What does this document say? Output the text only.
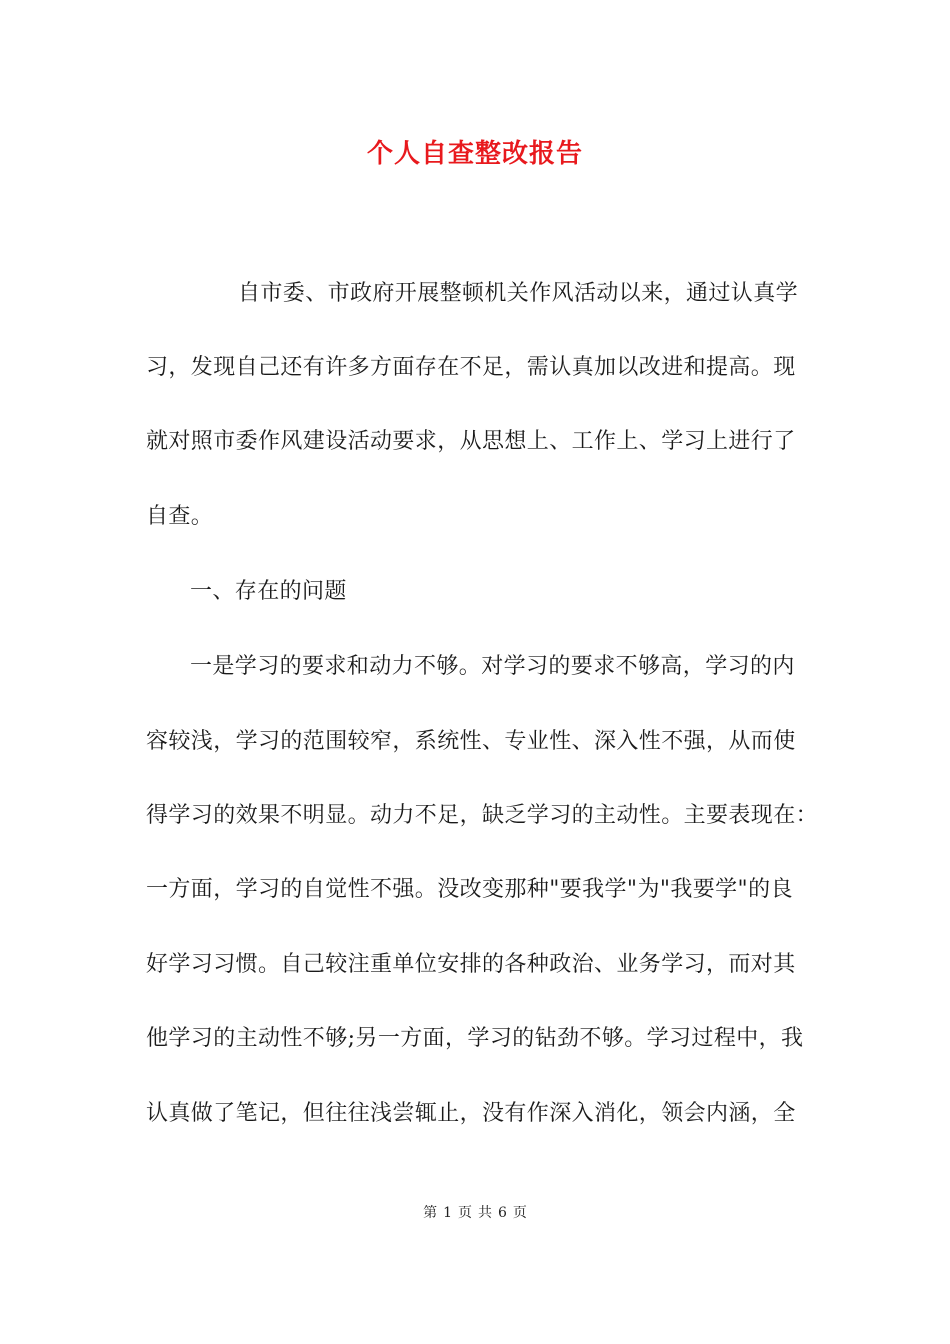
个人自查整改报告

自市委、市政府开展整顿机关作风活动以来，通过认真学

习，发现自己还有许多方面存在不足，需认真加以改进和提高。现

就对照市委作风建设活动要求，从思想上、工作上、学习上进行了

自查。

一、存在的问题

一是学习的要求和动力不够。对学习的要求不够高，学习的内

容较浅，学习的范围较窄，系统性、专业性、深入性不强，从而使

得学习的效果不明显。动力不足，缺乏学习的主动性。主要表现在：

一方面，学习的自觉性不强。没改变那种"要我学"为"我要学"的良

好学习习惯。自己较注重单位安排的各种政治、业务学习，而对其

他学习的主动性不够;另一方面，学习的钻劲不够。学习过程中，我

认真做了笔记，但往往浅尝辄止，没有作深入消化，领会内涵，全

第 1 页 共 6 页
